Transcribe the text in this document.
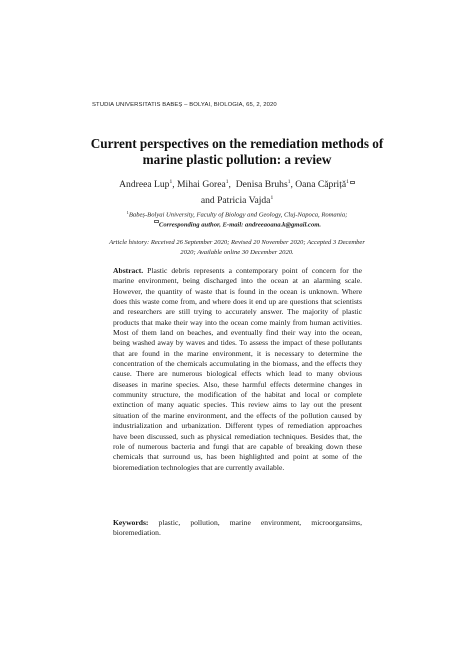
STUDIA UNIVERSITATIS BABEȘ – BOLYAI, BIOLOGIA, 65, 2, 2020
Current perspectives on the remediation methods of
marine plastic pollution: a review
Andreea Lup$^1$, Mihai Gorea$^1$,  Denisa Bruhs$^1$, Oana Căpriță$^1$
and Patricia Vajda$^1$
$^1$Babeș-Bolyai University, Faculty of Biology and Geology, Cluj-Napoca, Romania;
Corresponding author, E-mail: andreeaoana.k@gmail.com.
Article history: Received 26 September 2020; Revised 20 November 2020; Accepted 3 December
2020; Available online 30 December 2020.
Abstract. Plastic debris represents a contemporary point of concern for the marine environment, being discharged into the ocean at an alarming scale. However, the quantity of waste that is found in the ocean is unknown. Where does this waste come from, and where does it end up are questions that scientists and researchers are still trying to accurately answer. The majority of plastic products that make their way into the ocean come mainly from human activities. Most of them land on beaches, and eventually find their way into the ocean, being washed away by waves and tides. To assess the impact of these pollutants that are found in the marine environment, it is necessary to determine the concentration of the chemicals accumulating in the biomass, and the effects they cause. There are numerous biological effects which lead to many obvious diseases in marine species. Also, these harmful effects determine changes in community structure, the modification of the habitat and local or complete extinction of many aquatic species. This review aims to lay out the present situation of the marine environment, and the effects of the pollution caused by industrialization and urbanization. Different types of remediation approaches have been discussed, such as physical remediation techniques. Besides that, the role of numerous bacteria and fungi that are capable of breaking down these chemicals that surround us, has been highlighted and point at some of the bioremediation technologies that are currently available.
Keywords: plastic, pollution, marine environment, microorgansims, bioremediation.
